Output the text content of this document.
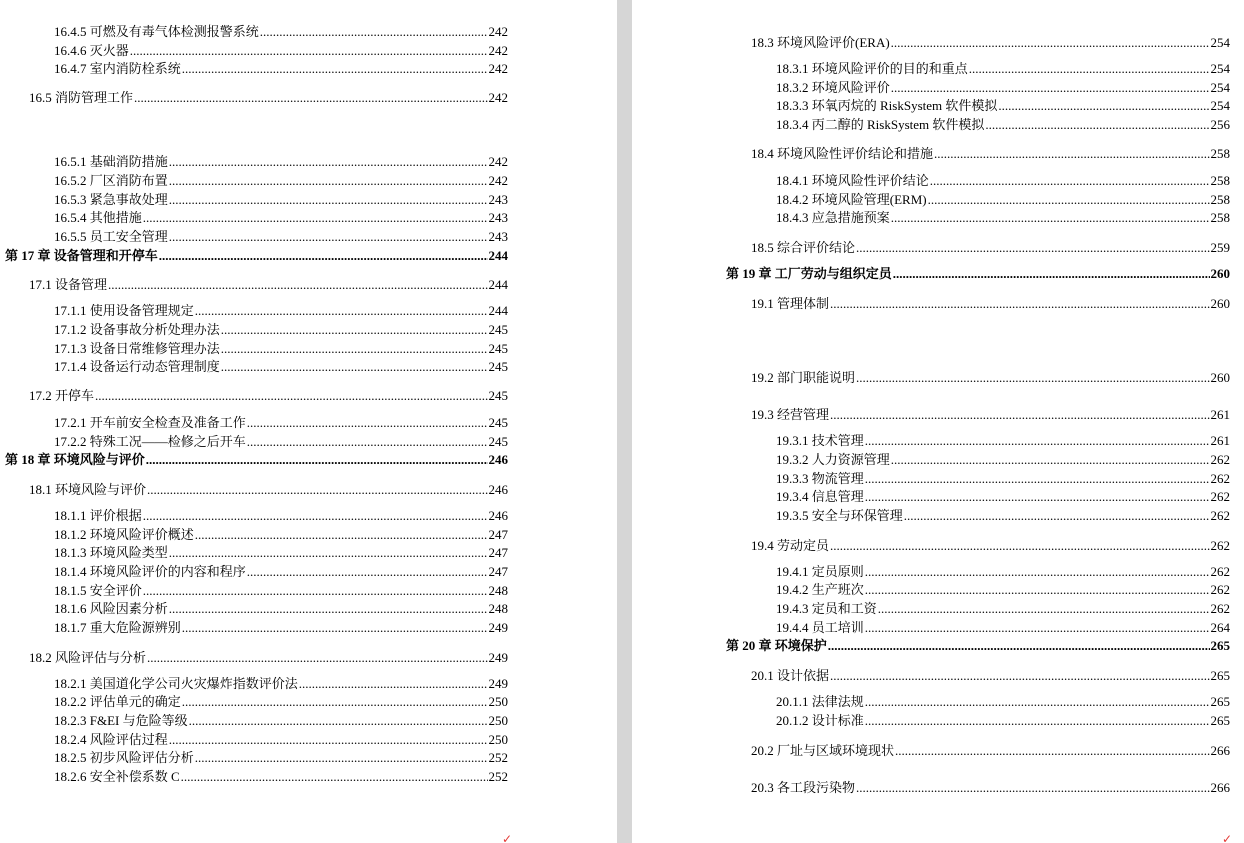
16.4.5 可燃及有毒气体检测报警系统 .....	242
16.4.6 灭火器 .....	242
16.4.7 室内消防栓系统 .....	242
16.5 消防管理工作 .....	242
16.5.1 基础消防措施 .....	242
16.5.2 厂区消防布置 .....	242
16.5.3 紧急事故处理 .....	243
16.5.4 其他措施 .....	243
16.5.5 员工安全管理 .....	243
第 17 章 设备管理和开停车 .....	244
17.1 设备管理 .....	244
17.1.1 使用设备管理规定 .....	244
17.1.2 设备事故分析处理办法 .....	245
17.1.3 设备日常维修管理办法 .....	245
17.1.4 设备运行动态管理制度 .....	245
17.2 开停车 .....	245
17.2.1 开车前安全检查及准备工作 .....	245
17.2.2 特殊工况——检修之后开车 .....	245
第 18 章 环境风险与评价 .....	246
18.1 环境风险与评价 .....	246
18.1.1 评价根据 .....	246
18.1.2 环境风险评价概述 .....	247
18.1.3 环境风险类型 .....	247
18.1.4 环境风险评价的内容和程序 .....	247
18.1.5 安全评价 .....	248
18.1.6 风险因素分析 .....	248
18.1.7 重大危险源辨别 .....	249
18.2 风险评估与分析 .....	249
18.2.1 美国道化学公司火灾爆炸指数评价法 .....	249
18.2.2 评估单元的确定 .....	250
18.2.3 F&EI 与危险等级 .....	250
18.2.4 风险评估过程 .....	250
18.2.5 初步风险评估分析 .....	252
18.2.6 安全补偿系数 C .....	252
✓
18.3 环境风险评价(ERA) .....	254
18.3.1 环境风险评价的目的和重点 .....	254
18.3.2 环境风险评价 .....	254
18.3.3 环氧丙烷的 RiskSystem 软件模拟 .....	254
18.3.4 丙二醇的 RiskSystem 软件模拟 .....	256
18.4 环境风险性评价结论和措施 .....	258
18.4.1 环境风险性评价结论 .....	258
18.4.2 环境风险管理(ERM) .....	258
18.4.3 应急措施预案 .....	258
18.5 综合评价结论 .....	259
第 19 章 工厂劳动与组织定员 .....	260
19.1 管理体制 .....	260
19.2 部门职能说明 .....	260
19.3 经营管理 .....	261
19.3.1 技术管理 .....	261
19.3.2 人力资源管理 .....	262
19.3.3 物流管理 .....	262
19.3.4 信息管理 .....	262
19.3.5 安全与环保管理 .....	262
19.4 劳动定员 .....	262
19.4.1 定员原则 .....	262
19.4.2 生产班次 .....	262
19.4.3 定员和工资 .....	262
19.4.4 员工培训 .....	264
第 20 章 环境保护 .....	265
20.1 设计依据 .....	265
20.1.1 法律法规 .....	265
20.1.2 设计标准 .....	265
20.2 厂址与区域环境现状 .....	266
20.3 各工段污染物 .....	266
✓
